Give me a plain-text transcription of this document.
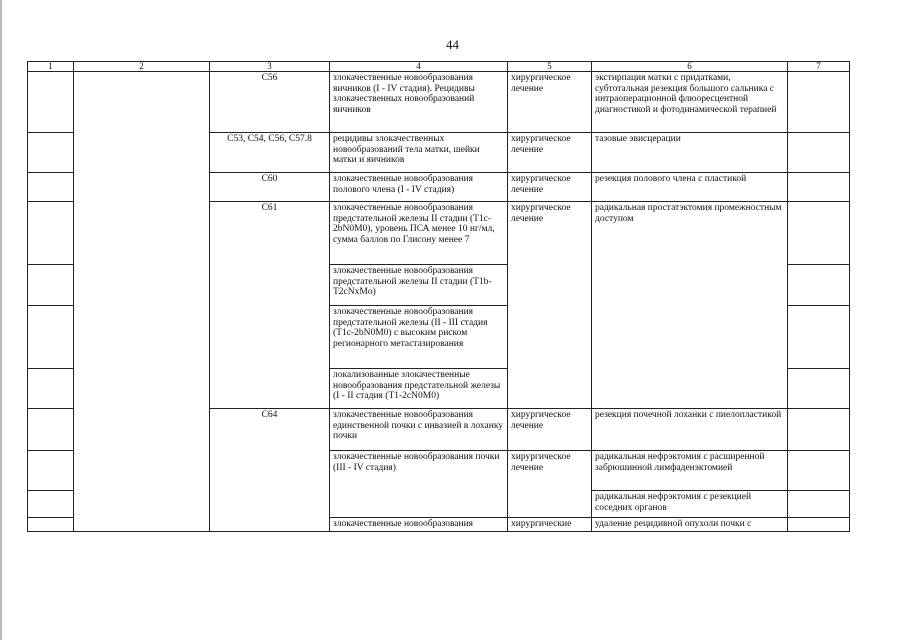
44
1	2	3	4	5	6	7
		C56	злокачественные новообразования яичников (I - IV стадия). Рецидивы злокачественных новообразований яичников	хирургическое лечение	экстирпация матки с придатками, субтотальная резекция большого сальника с интраоперационной флюоресцентной диагностикой и фотодинамической терапией	
		C53, C54, C56, C57.8	рецидивы злокачественных новообразований тела матки, шейки матки и яичников	хирургическое лечение	тазовые эвисцерации	
		C60	злокачественные новообразования полового члена (I - IV стадия)	хирургическое лечение	резекция полового члена с пластикой	
		C61	злокачественные новообразования предстательной железы II стадии (T1c-2bN0M0), уровень ПСА менее 10 нг/мл, сумма баллов по Глисону менее 7	хирургическое лечение	радикальная простатэктомия промежностным доступом	
			злокачественные новообразования предстательной железы II стадии (T1b-T2cNxMo)			
			злокачественные новообразования предстательной железы (II - III стадия (T1c-2bN0M0) с высоким риском регионарного метастазирования			
			локализованные злокачественные новообразования предстательной железы (I - II стадия (T1-2cN0M0)			
		C64	злокачественные новообразования единственной почки с инвазией в лоханку почки	хирургическое лечение	резекция почечной лоханки с пиелопластикой	
			злокачественные новообразования почки (III - IV стадия)	хирургическое лечение	радикальная нефрэктомия с расширенной забрюшинной лимфаденэктомией	
					радикальная нефрэктомия с резекцией соседних органов	
			злокачественные новообразования	хирургические	удаление рецидивной опухоли почки с	
